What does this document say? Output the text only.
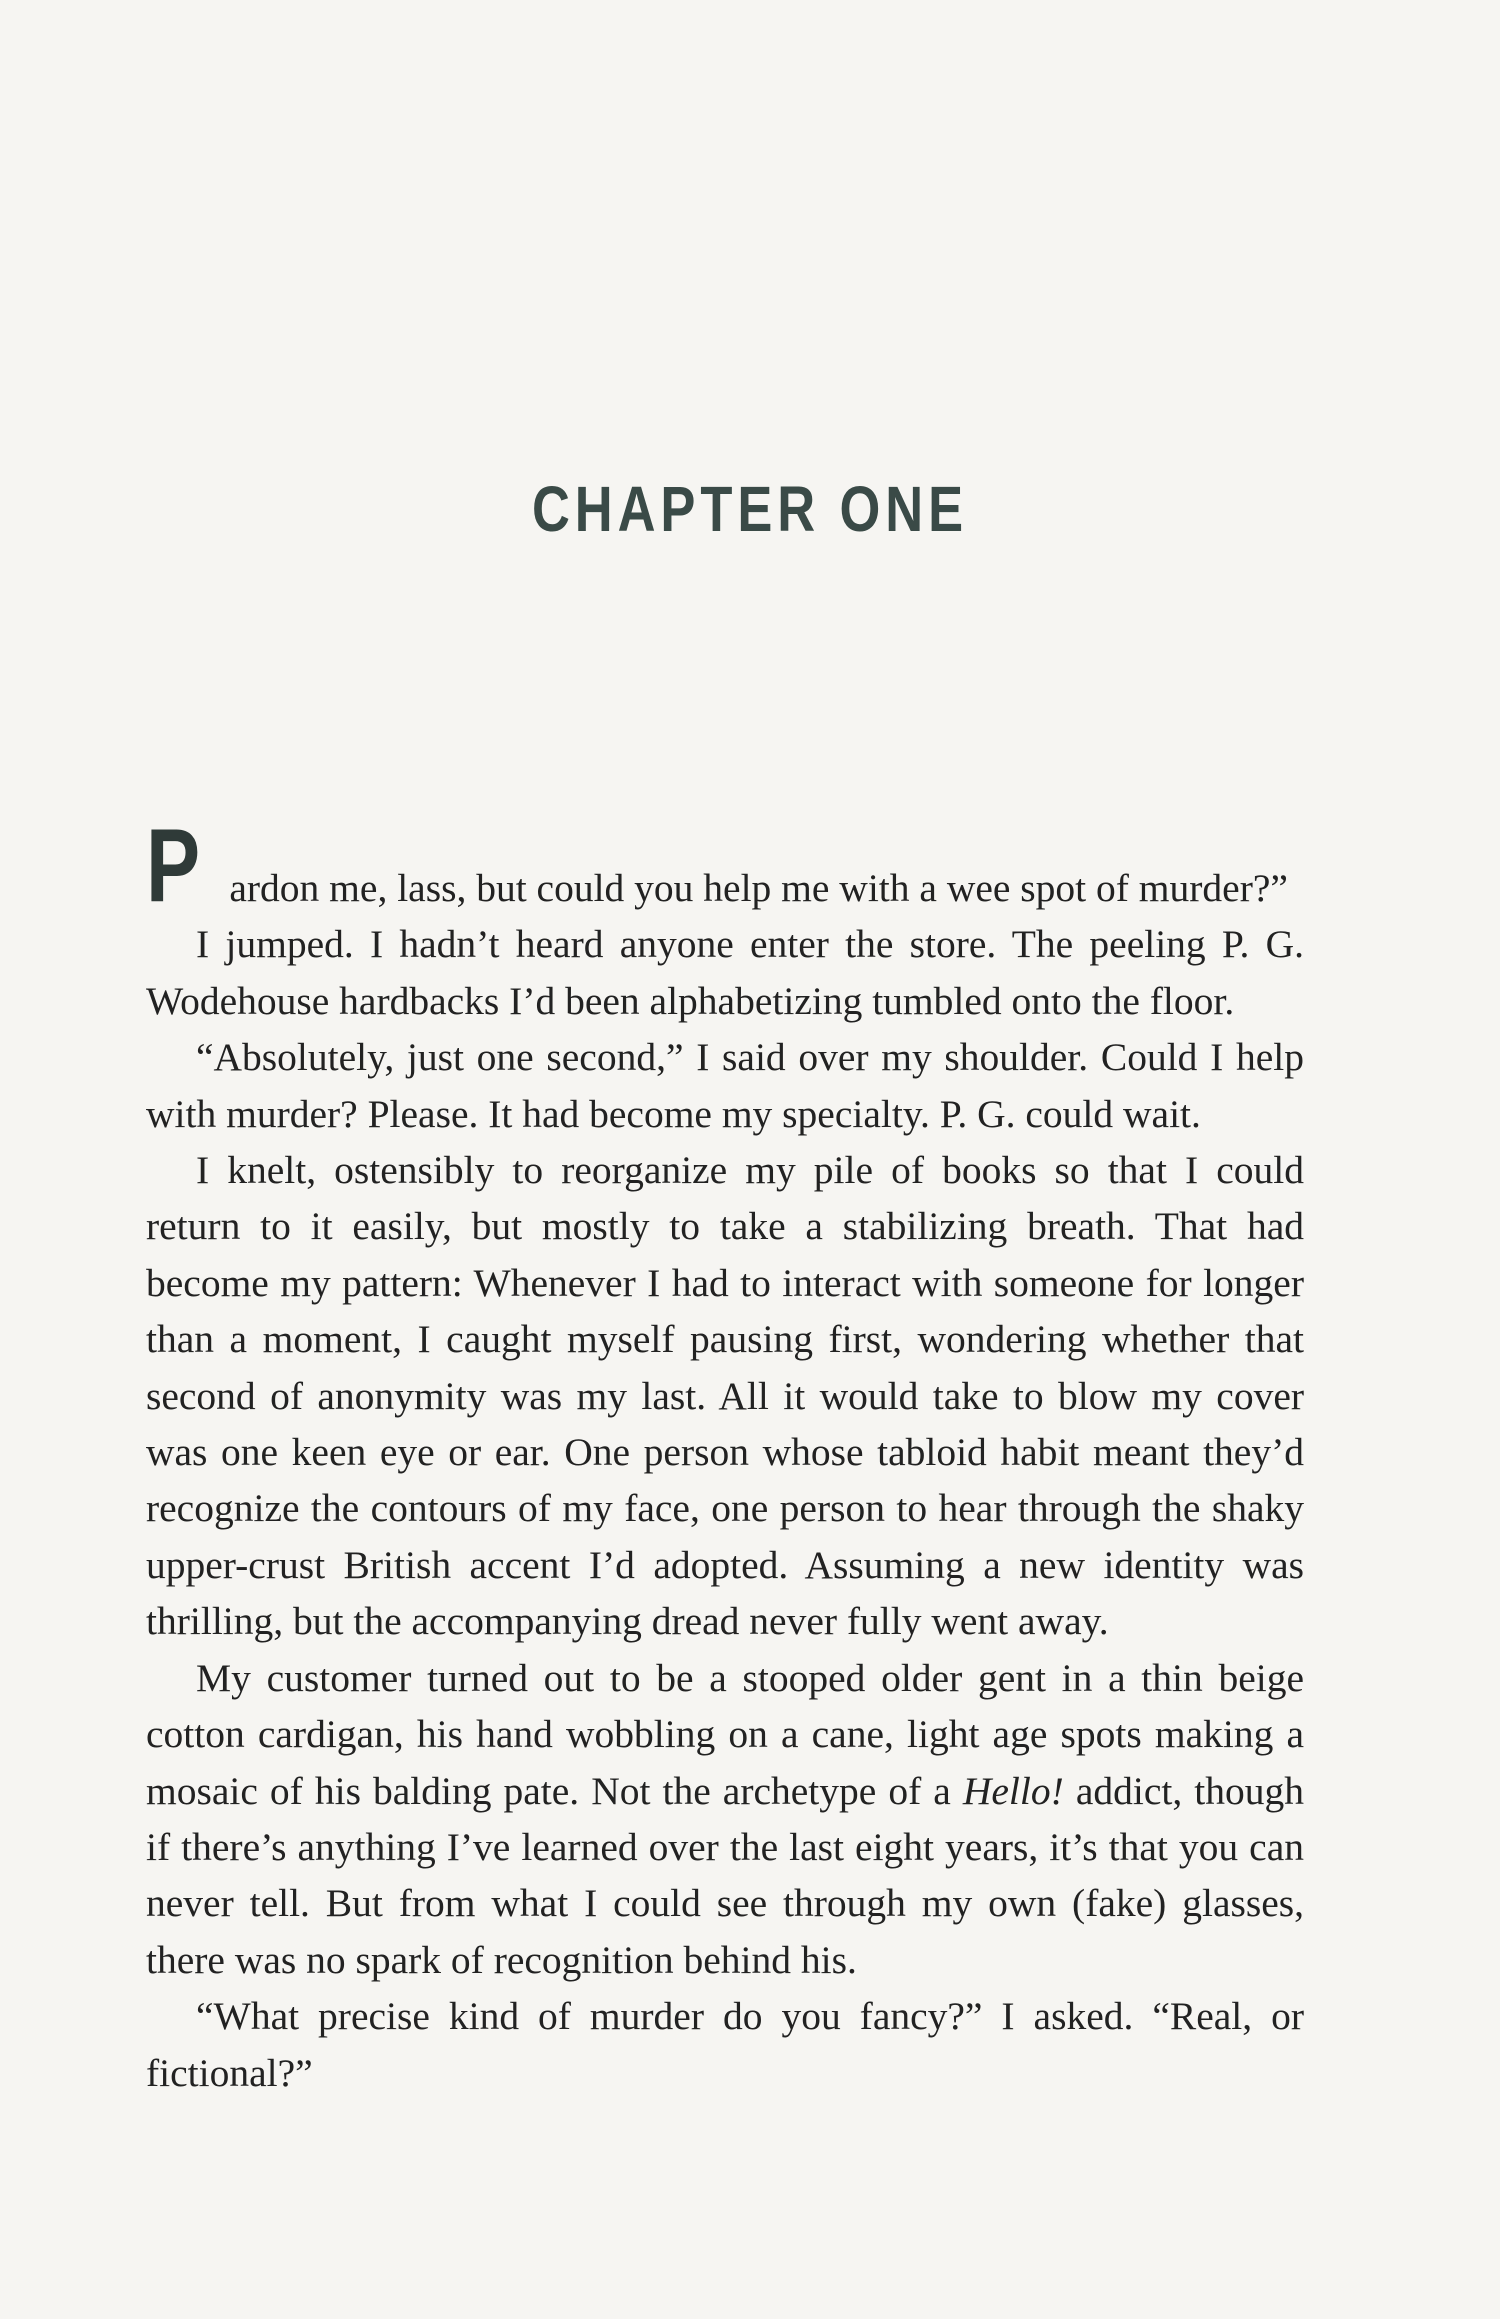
CHAPTER ONE

Pardon me, lass, but could you help me with a wee spot of murder?”

I jumped. I hadn’t heard anyone enter the store. The peeling P. G. Wodehouse hardbacks I’d been alphabetizing tumbled onto the floor.

“Absolutely, just one second,” I said over my shoulder. Could I help with murder? Please. It had become my specialty. P. G. could wait.

I knelt, ostensibly to reorganize my pile of books so that I could return to it easily, but mostly to take a stabilizing breath. That had become my pattern: Whenever I had to interact with someone for longer than a moment, I caught myself pausing first, wondering whether that second of anonymity was my last. All it would take to blow my cover was one keen eye or ear. One person whose tabloid habit meant they’d recognize the contours of my face, one person to hear through the shaky upper-crust British accent I’d adopted. Assuming a new identity was thrilling, but the accompanying dread never fully went away.

My customer turned out to be a stooped older gent in a thin beige cotton cardigan, his hand wobbling on a cane, light age spots making a mosaic of his balding pate. Not the archetype of a Hello! addict, though if there’s anything I’ve learned over the last eight years, it’s that you can never tell. But from what I could see through my own (fake) glasses, there was no spark of recognition behind his.

“What precise kind of murder do you fancy?” I asked. “Real, or fictional?”
